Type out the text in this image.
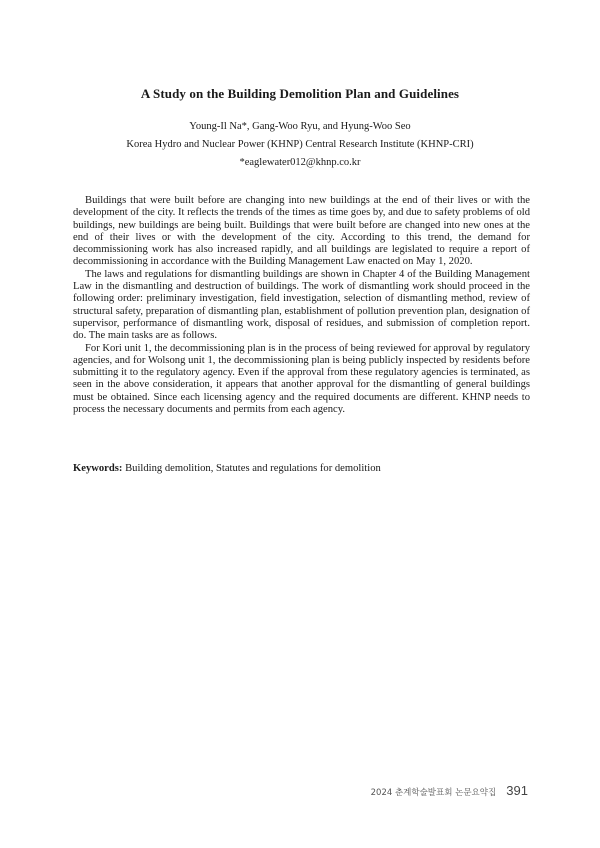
A Study on the Building Demolition Plan and Guidelines
Young-Il Na*, Gang-Woo Ryu, and Hyung-Woo Seo
Korea Hydro and Nuclear Power (KHNP) Central Research Institute (KHNP-CRI)
*eaglewater012@khnp.co.kr

Buildings that were built before are changing into new buildings at the end of their lives or with the development of the city. It reflects the trends of the times as time goes by, and due to safety problems of old buildings, new buildings are being built. Buildings that were built before are changed into new ones at the end of their lives or with the development of the city. According to this trend, the demand for decommissioning work has also increased rapidly, and all buildings are legislated to require a report of decommissioning in accordance with the Building Management Law enacted on May 1, 2020.

The laws and regulations for dismantling buildings are shown in Chapter 4 of the Building Management Law in the dismantling and destruction of buildings. The work of dismantling work should proceed in the following order: preliminary investigation, field investigation, selection of dismantling method, review of structural safety, preparation of dismantling plan, establishment of pollution prevention plan, designation of supervisor, performance of dismantling work, disposal of residues, and submission of completion report. do. The main tasks are as follows.

For Kori unit 1, the decommissioning plan is in the process of being reviewed for approval by regulatory agencies, and for Wolsong unit 1, the decommissioning plan is being publicly inspected by residents before submitting it to the regulatory agency. Even if the approval from these regulatory agencies is terminated, as seen in the above consideration, it appears that another approval for the dismantling of general buildings must be obtained. Since each licensing agency and the required documents are different. KHNP needs to process the necessary documents and permits from each agency.

Keywords: Building demolition, Statutes and regulations for demolition
2024 춘계학술발표회 논문요약집 391
